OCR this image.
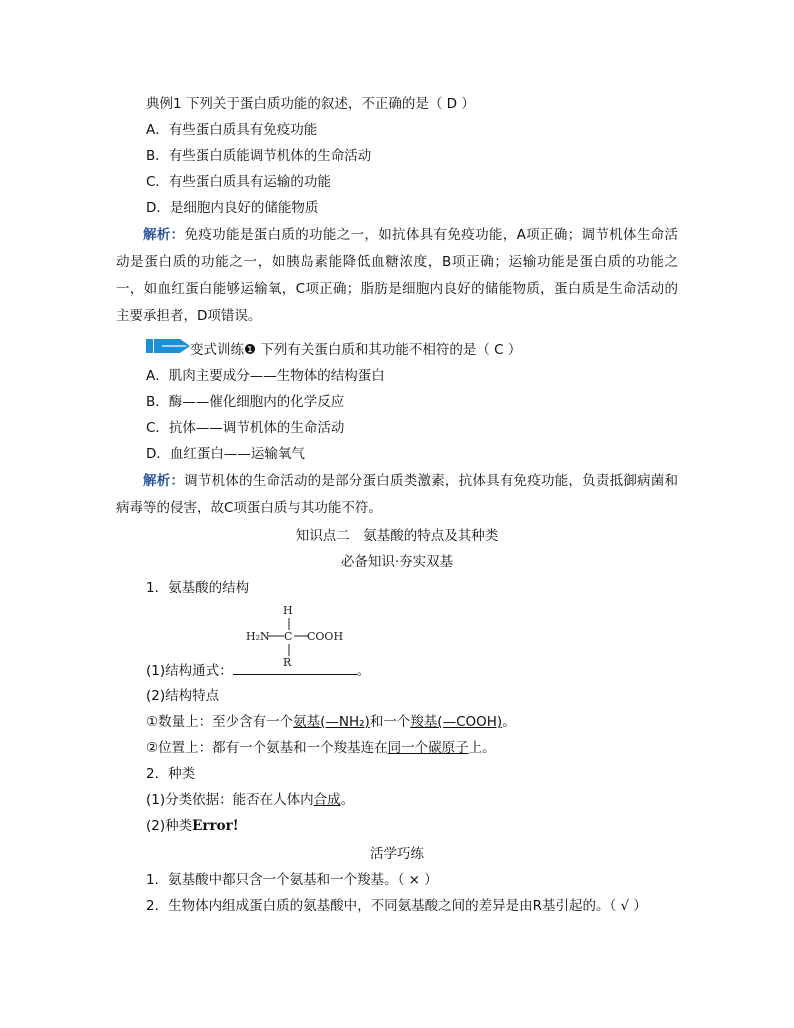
典例1 下列关于蛋白质功能的叙述，不正确的是（ D ）
A．有些蛋白质具有免疫功能
B．有些蛋白质能调节机体的生命活动
C．有些蛋白质具有运输的功能
D．是细胞内良好的储能物质
解析：免疫功能是蛋白质的功能之一，如抗体具有免疫功能，A项正确；调节机体生命活动是蛋白质的功能之一，如胰岛素能降低血糖浓度，B项正确；运输功能是蛋白质的功能之一，如血红蛋白能够运输氧，C项正确；脂肪是细胞内良好的储能物质，蛋白质是生命活动的主要承担者，D项错误。
变式训练❶ 下列有关蛋白质和其功能不相符的是（ C ）
A．肌肉主要成分——生物体的结构蛋白
B．酶——催化细胞内的化学反应
C．抗体——调节机体的生命活动
D．血红蛋白——运输氧气
解析：调节机体的生命活动的是部分蛋白质类激素，抗体具有免疫功能，负责抵御病菌和病毒等的侵害，故C项蛋白质与其功能不符。
知识点二　氨基酸的特点及其种类
必备知识·夯实双基
1．氨基酸的结构
H
H₂N C COOH
R
(1)结构通式：	。
(2)结构特点
①数量上：至少含有一个氨基(—NH₂)和一个羧基(—COOH)。
②位置上：都有一个氨基和一个羧基连在同一个碳原子上。
2．种类
(1)分类依据：能否在人体内合成。
(2)种类Error!
活学巧练
1．氨基酸中都只含一个氨基和一个羧基。（ × ）
2．生物体内组成蛋白质的氨基酸中，不同氨基酸之间的差异是由R基引起的。（ √ ）
